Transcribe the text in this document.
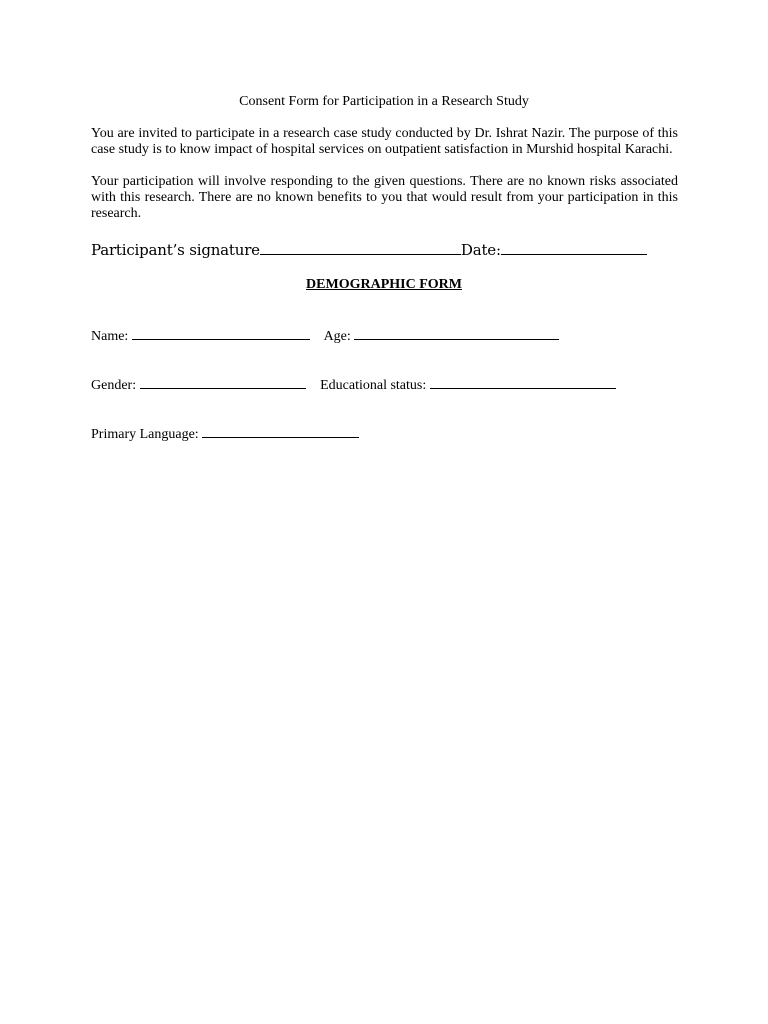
Consent Form for Participation in a Research Study
You are invited to participate in a research case study conducted by Dr. Ishrat Nazir. The purpose of this case study is to know impact of hospital services on outpatient satisfaction in Murshid hospital Karachi.
Your participation will involve responding to the given questions. There are no known risks associated with this research. There are no known benefits to you that would result from your participation in this research.
Participant’s signature	Date:
DEMOGRAPHIC FORM
Name:	Age:
Gender:	Educational status:
Primary Language:
